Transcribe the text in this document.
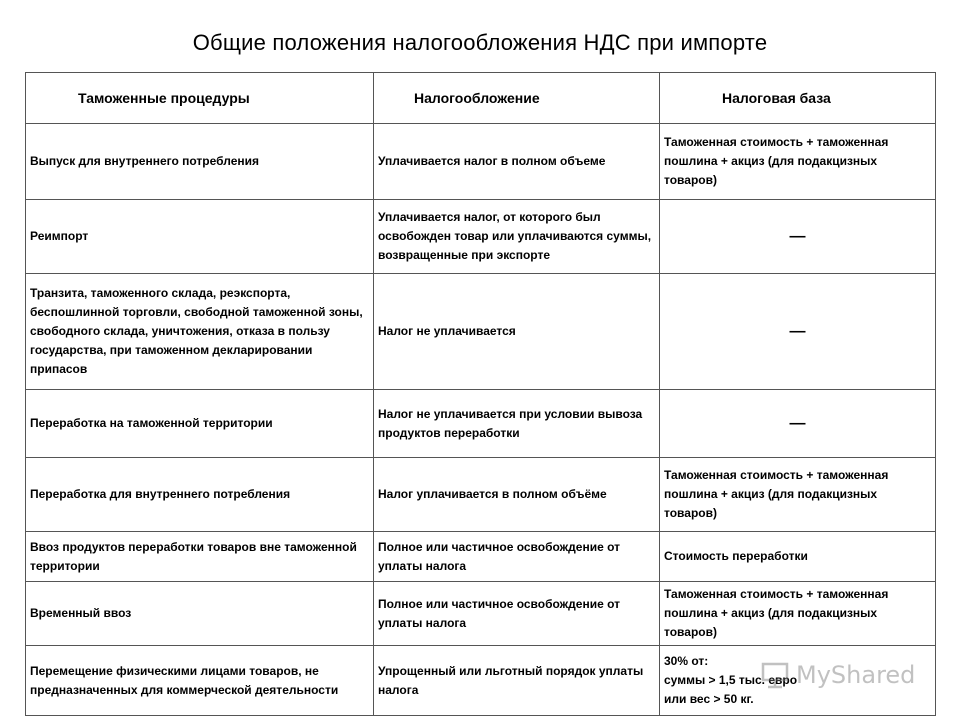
Общие положения налогообложения НДС при импорте
Таможенные процедуры	Налогообложение	Налоговая база
Выпуск для внутреннего потребления	Уплачивается налог в полном объеме	Таможенная стоимость + таможенная пошлина + акциз (для подакцизных товаров)
Реимпорт	Уплачивается налог, от которого был освобожден товар или уплачиваются суммы, возвращенные при экспорте	—
Транзита, таможенного склада, реэкспорта, беспошлинной торговли, свободной таможенной зоны, свободного склада, уничтожения, отказа в пользу государства, при таможенном декларировании припасов	Налог не уплачивается	—
Переработка на таможенной территории	Налог не уплачивается при условии вывоза продуктов переработки	—
Переработка для внутреннего потребления	Налог уплачивается в полном объёме	Таможенная стоимость + таможенная пошлина + акциз (для подакцизных товаров)
Ввоз продуктов переработки товаров вне таможенной территории	Полное или частичное освобождение от уплаты налога	Стоимость переработки
Временный ввоз	Полное или частичное освобождение от уплаты налога	Таможенная стоимость + таможенная пошлина + акциз (для подакцизных товаров)
Перемещение физическими лицами товаров, не предназначенных для коммерческой деятельности	Упрощенный или льготный порядок уплаты налога	30% от:
суммы > 1,5 тыс. евро
или вес > 50 кг.
MyShared
